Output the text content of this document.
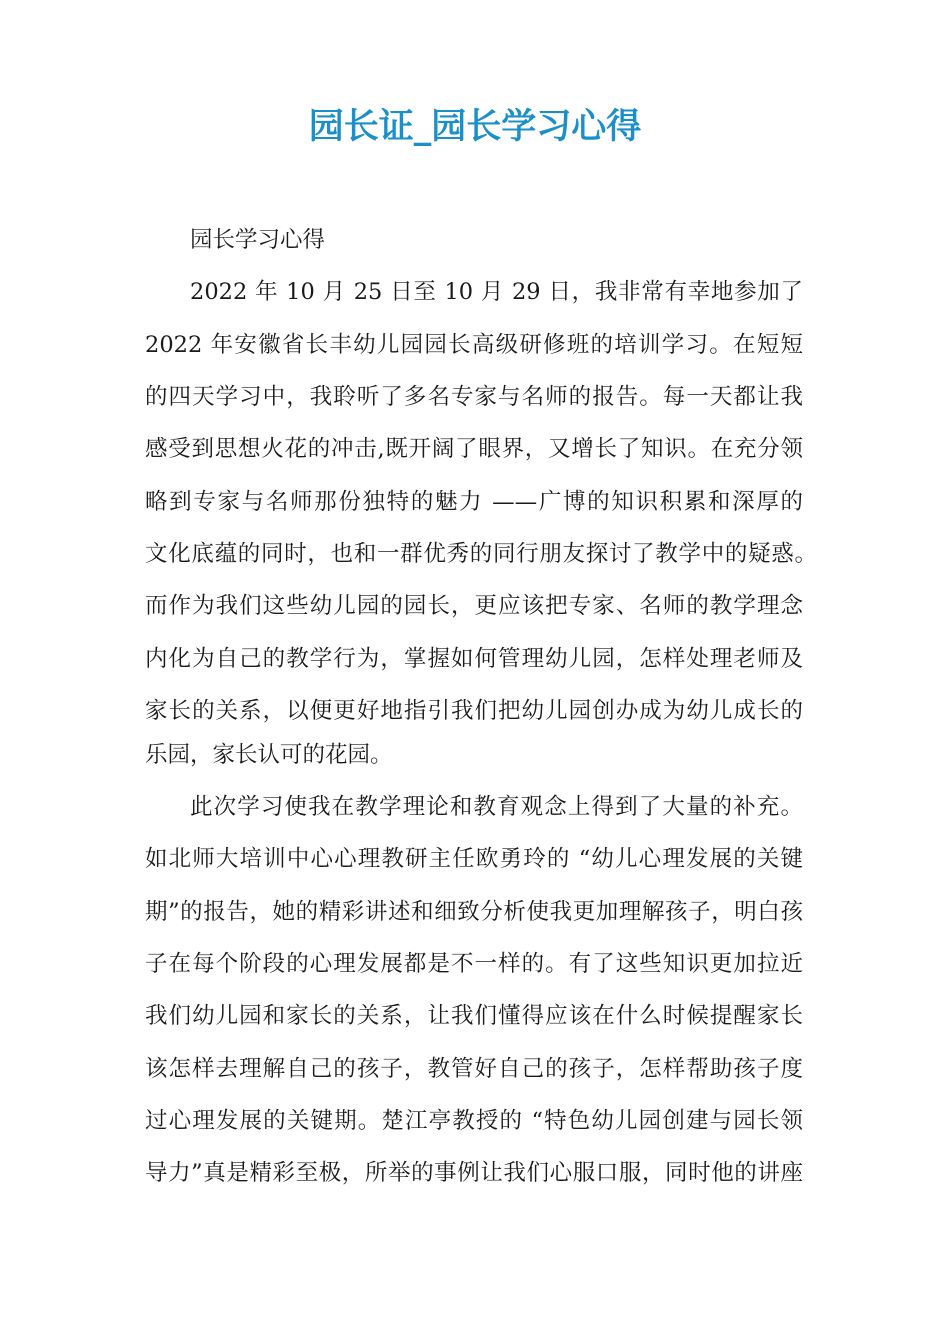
园长证_园长学习心得

园长学习心得

2022 年 10 月 25 日至 10 月 29 日，我非常有幸地参加了

2022 年安徽省长丰幼儿园园长高级研修班的培训学习。在短短

的四天学习中，我聆听了多名专家与名师的报告。每一天都让我

感受到思想火花的冲击,既开阔了眼界，又增长了知识。在充分领

略到专家与名师那份独特的魅力 ——广博的知识积累和深厚的

文化底蕴的同时，也和一群优秀的同行朋友探讨了教学中的疑惑。

而作为我们这些幼儿园的园长，更应该把专家、名师的教学理念

内化为自己的教学行为，掌握如何管理幼儿园，怎样处理老师及

家长的关系，以便更好地指引我们把幼儿园创办成为幼儿成长的

乐园，家长认可的花园。

此次学习使我在教学理论和教育观念上得到了大量的补充。

如北师大培训中心心理教研主任欧勇玲的 “幼儿心理发展的关键

期”的报告，她的精彩讲述和细致分析使我更加理解孩子，明白孩

子在每个阶段的心理发展都是不一样的。有了这些知识更加拉近

我们幼儿园和家长的关系，让我们懂得应该在什么时候提醒家长

该怎样去理解自己的孩子，教管好自己的孩子，怎样帮助孩子度

过心理发展的关键期。楚江亭教授的 “特色幼儿园创建与园长领

导力”真是精彩至极，所举的事例让我们心服口服，同时他的讲座
